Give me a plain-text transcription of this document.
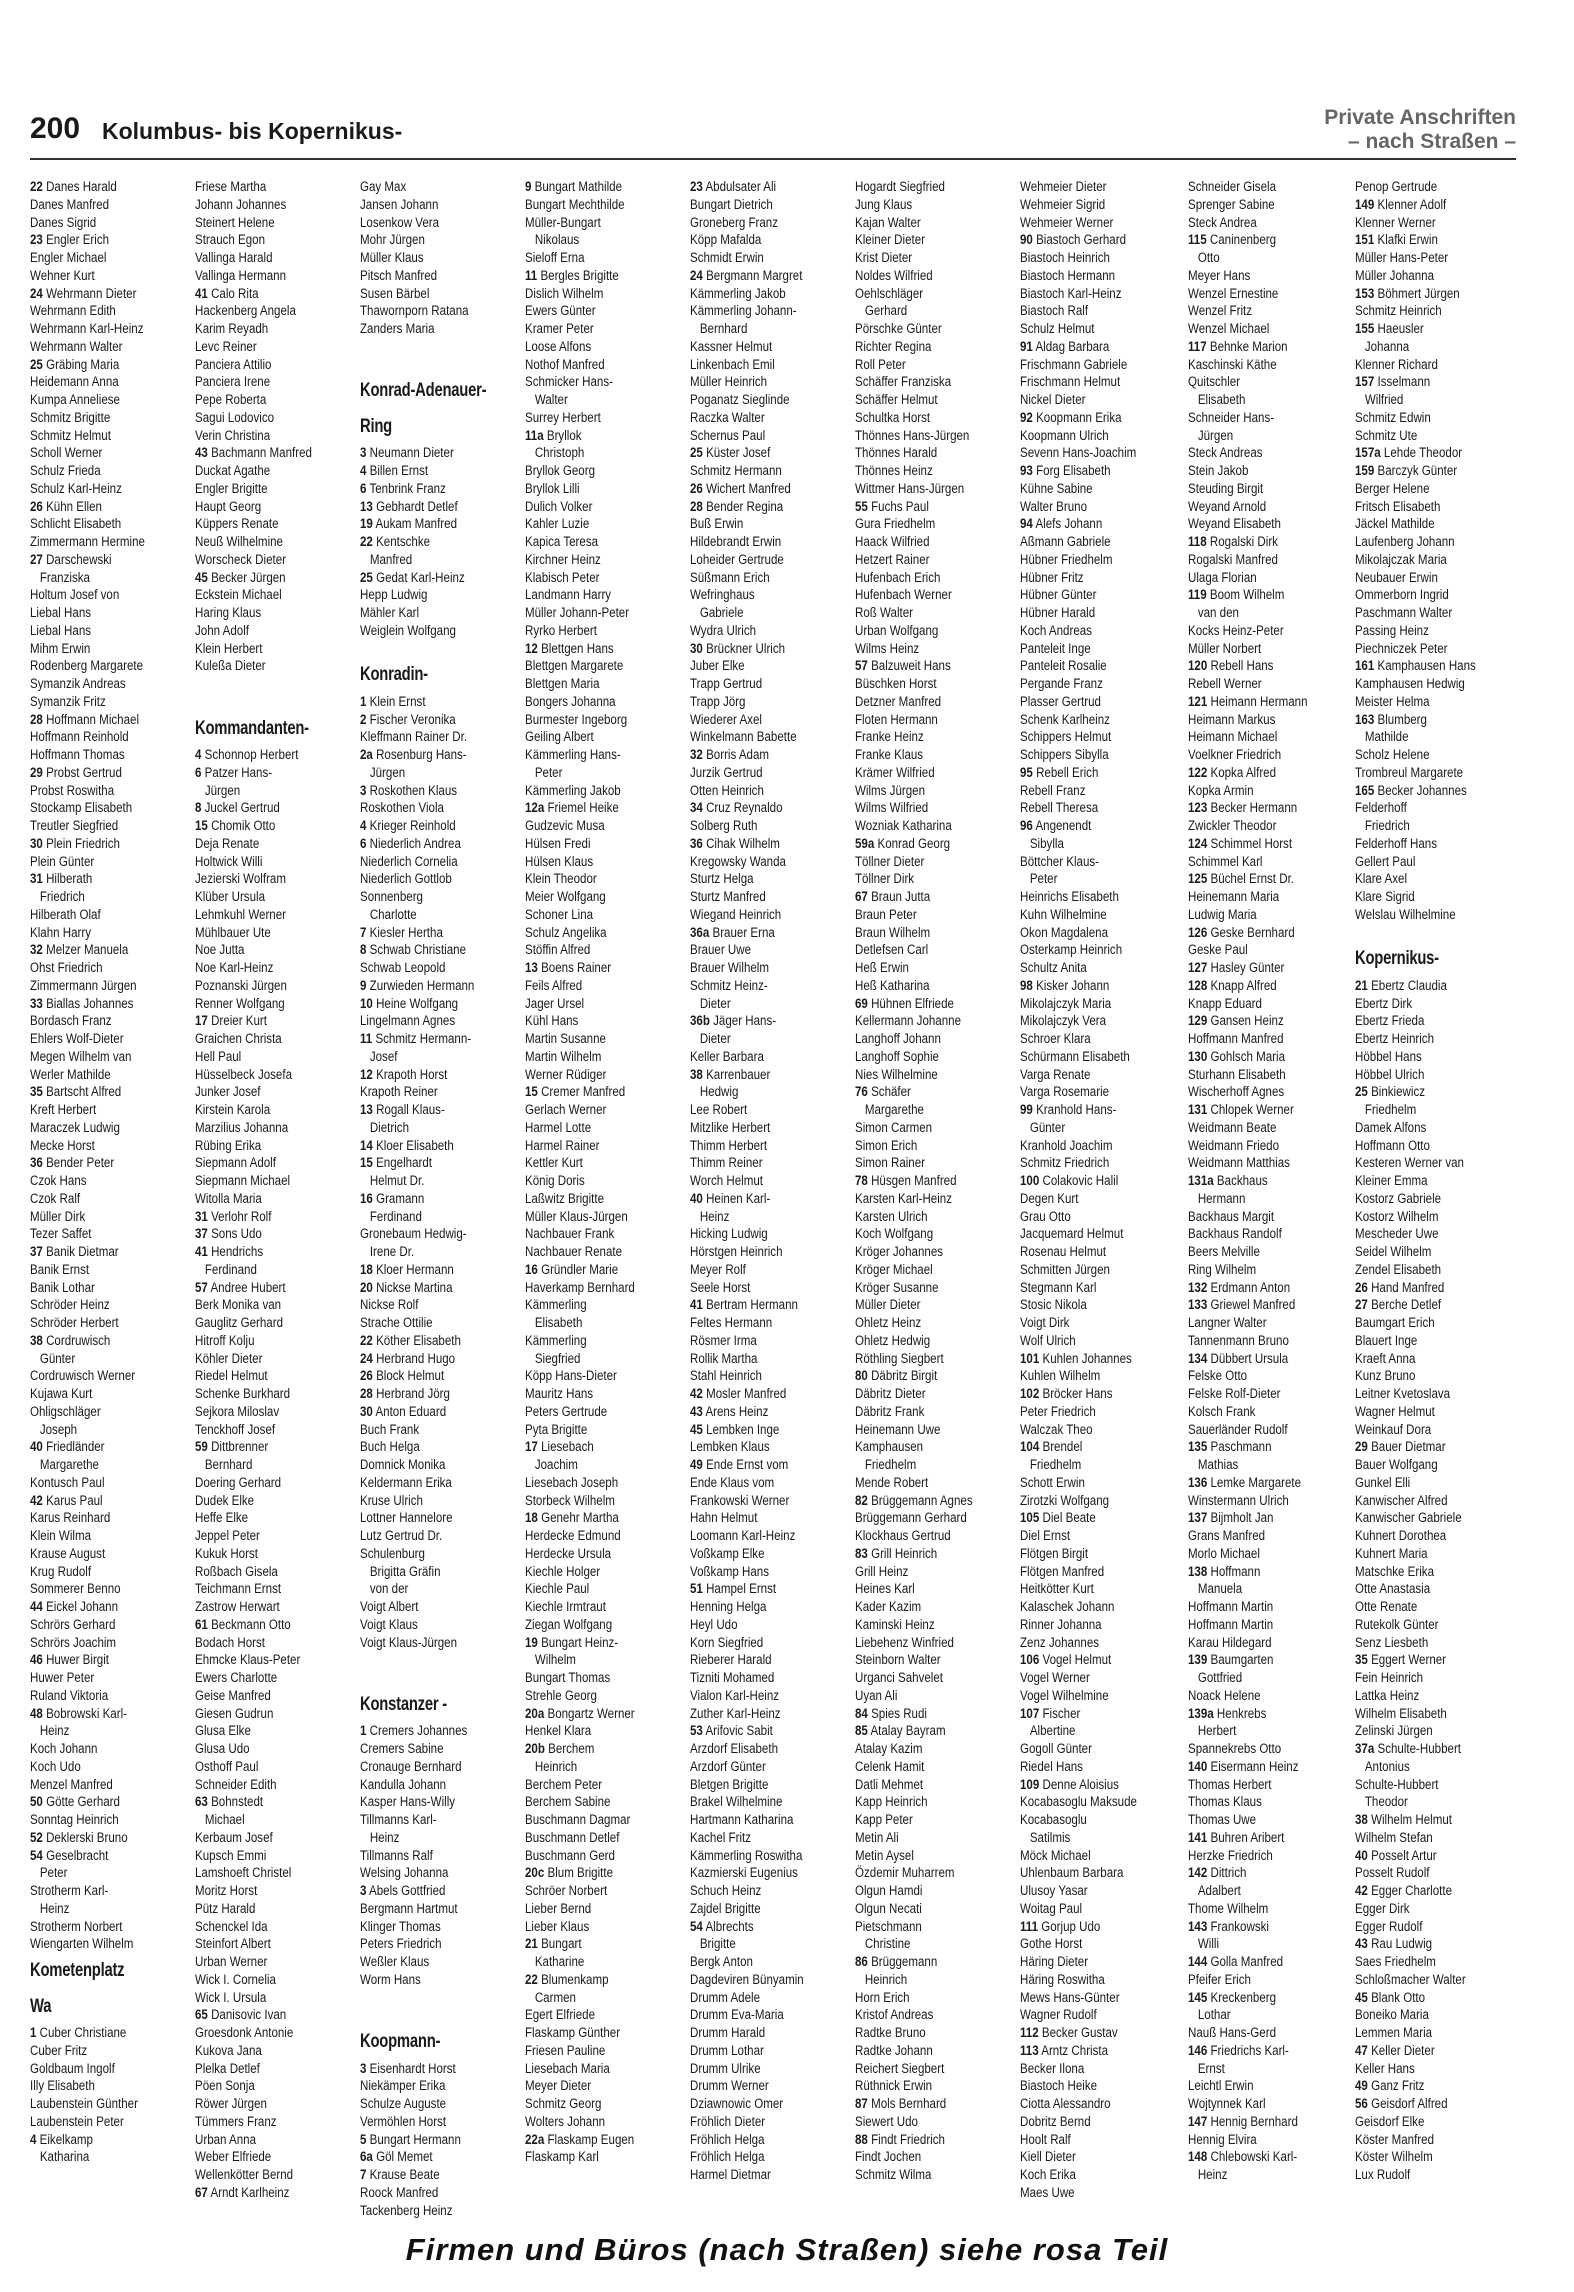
200 Kolumbus- bis Kopernikus-
Private Anschriften
– nach Straßen –
22 Danes Harald
Danes Manfred
Danes Sigrid
23 Engler Erich
Engler Michael
Wehner Kurt
24 Wehrmann Dieter
Wehrmann Edith
Wehrmann Karl-Heinz
Wehrmann Walter
25 Gräbing Maria
Heidemann Anna
Kumpa Anneliese
Schmitz Brigitte
Schmitz Helmut
Scholl Werner
Schulz Frieda
Schulz Karl-Heinz
26 Kühn Ellen
Schlicht Elisabeth
Zimmermann Hermine
27 Darschewski
Franziska
Holtum Josef von
Liebal Hans
Liebal Hans
Mihm Erwin
Rodenberg Margarete
Symanzik Andreas
Symanzik Fritz
28 Hoffmann Michael
Hoffmann Reinhold
Hoffmann Thomas
29 Probst Gertrud
Probst Roswitha
Stockamp Elisabeth
Treutler Siegfried
30 Plein Friedrich
Plein Günter
31 Hilberath
Friedrich
Hilberath Olaf
Klahn Harry
32 Melzer Manuela
Ohst Friedrich
Zimmermann Jürgen
33 Biallas Johannes
Bordasch Franz
Ehlers Wolf-Dieter
Megen Wilhelm van
Werler Mathilde
35 Bartscht Alfred
Kreft Herbert
Maraczek Ludwig
Mecke Horst
36 Bender Peter
Czok Hans
Czok Ralf
Müller Dirk
Tezer Saffet
37 Banik Dietmar
Banik Ernst
Banik Lothar
Schröder Heinz
Schröder Herbert
38 Cordruwisch
Günter
Cordruwisch Werner
Kujawa Kurt
Ohligschläger
Joseph
40 Friedländer
Margarethe
Kontusch Paul
42 Karus Paul
Karus Reinhard
Klein Wilma
Krause August
Krug Rudolf
Sommerer Benno
44 Eickel Johann
Schrörs Gerhard
Schrörs Joachim
46 Huwer Birgit
Huwer Peter
Ruland Viktoria
48 Bobrowski Karl-
Heinz
Koch Johann
Koch Udo
Menzel Manfred
50 Götte Gerhard
Sonntag Heinrich
52 Deklerski Bruno
54 Geselbracht
Peter
Strotherm Karl-
Heinz
Strotherm Norbert
Wiengarten Wilhelm
Kometenplatz
Wa
1 Cuber Christiane
Cuber Fritz
Goldbaum Ingolf
Illy Elisabeth
Laubenstein Günther
Laubenstein Peter
4 Eikelkamp
Katharina
Friese Martha
Johann Johannes
Steinert Helene
Strauch Egon
Vallinga Harald
Vallinga Hermann
41 Calo Rita
Hackenberg Angela
Karim Reyadh
Levc Reiner
Panciera Attilio
Panciera Irene
Pepe Roberta
Sagui Lodovico
Verin Christina
43 Bachmann Manfred
Duckat Agathe
Engler Brigitte
Haupt Georg
Küppers Renate
Neuß Wilhelmine
Worscheck Dieter
45 Becker Jürgen
Eckstein Michael
Haring Klaus
John Adolf
Klein Herbert
Kuleßa Dieter
Kommandanten-
4 Schonnop Herbert
6 Patzer Hans-
Jürgen
8 Juckel Gertrud
15 Chomik Otto
Deja Renate
Holtwick Willi
Jezierski Wolfram
Klüber Ursula
Lehmkuhl Werner
Mühlbauer Ute
Noe Jutta
Noe Karl-Heinz
Poznanski Jürgen
Renner Wolfgang
17 Dreier Kurt
Graichen Christa
Hell Paul
Hüsselbeck Josefa
Junker Josef
Kirstein Karola
Marzilius Johanna
Rübing Erika
Siepmann Adolf
Siepmann Michael
Witolla Maria
31 Verlohr Rolf
37 Sons Udo
41 Hendrichs
Ferdinand
57 Andree Hubert
Berk Monika van
Gauglitz Gerhard
Hitroff Kolju
Köhler Dieter
Riedel Helmut
Schenke Burkhard
Sejkora Miloslav
Tenckhoff Josef
59 Dittbrenner
Bernhard
Doering Gerhard
Dudek Elke
Heffe Elke
Jeppel Peter
Kukuk Horst
Roßbach Gisela
Teichmann Ernst
Zastrow Herwart
61 Beckmann Otto
Bodach Horst
Ehmcke Klaus-Peter
Ewers Charlotte
Geise Manfred
Giesen Gudrun
Glusa Elke
Glusa Udo
Osthoff Paul
Schneider Edith
63 Bohnstedt
Michael
Kerbaum Josef
Kupsch Emmi
Lamshoeft Christel
Moritz Horst
Pütz Harald
Schenckel Ida
Steinfort Albert
Urban Werner
Wick I. Cornelia
Wick I. Ursula
65 Danisovic Ivan
Groesdonk Antonie
Kukova Jana
Plelka Detlef
Pöen Sonja
Röwer Jürgen
Tümmers Franz
Urban Anna
Weber Elfriede
Wellenkötter Bernd
67 Arndt Karlheinz
Gay Max
Jansen Johann
Losenkow Vera
Mohr Jürgen
Müller Klaus
Pitsch Manfred
Susen Bärbel
Thawornporn Ratana
Zanders Maria
Konrad-Adenauer-
Ring
3 Neumann Dieter
4 Billen Ernst
6 Tenbrink Franz
13 Gebhardt Detlef
19 Aukam Manfred
22 Kentschke
Manfred
25 Gedat Karl-Heinz
Hepp Ludwig
Mähler Karl
Weiglein Wolfgang
Konradin-
1 Klein Ernst
2 Fischer Veronika
Kleffmann Rainer Dr.
2a Rosenburg Hans-
Jürgen
3 Roskothen Klaus
Roskothen Viola
4 Krieger Reinhold
6 Niederlich Andrea
Niederlich Cornelia
Niederlich Gottlob
Sonnenberg
Charlotte
7 Kiesler Hertha
8 Schwab Christiane
Schwab Leopold
9 Zurwieden Hermann
10 Heine Wolfgang
Lingelmann Agnes
11 Schmitz Hermann-
Josef
12 Krapoth Horst
Krapoth Reiner
13 Rogall Klaus-
Dietrich
14 Kloer Elisabeth
15 Engelhardt
Helmut Dr.
16 Gramann
Ferdinand
Gronebaum Hedwig-
Irene Dr.
18 Kloer Hermann
20 Nickse Martina
Nickse Rolf
Strache Ottilie
22 Köther Elisabeth
24 Herbrand Hugo
26 Block Helmut
28 Herbrand Jörg
30 Anton Eduard
Buch Frank
Buch Helga
Domnick Monika
Keldermann Erika
Kruse Ulrich
Lottner Hannelore
Lutz Gertrud Dr.
Schulenburg
Brigitta Gräfin
von der
Voigt Albert
Voigt Klaus
Voigt Klaus-Jürgen
Konstanzer -
1 Cremers Johannes
Cremers Sabine
Cronauge Bernhard
Kandulla Johann
Kasper Hans-Willy
Tillmanns Karl-
Heinz
Tillmanns Ralf
Welsing Johanna
3 Abels Gottfried
Bergmann Hartmut
Klinger Thomas
Peters Friedrich
Weßler Klaus
Worm Hans
Koopmann-
3 Eisenhardt Horst
Niekämper Erika
Schulze Auguste
Vermöhlen Horst
5 Bungart Hermann
6a Göl Memet
7 Krause Beate
Roock Manfred
Tackenberg Heinz
9 Bungart Mathilde
Bungart Mechthilde
Müller-Bungart
Nikolaus
Sieloff Erna
11 Bergles Brigitte
Dislich Wilhelm
Ewers Günter
Kramer Peter
Loose Alfons
Nothof Manfred
Schmicker Hans-
Walter
Surrey Herbert
11a Bryllok
Christoph
Bryllok Georg
Bryllok Lilli
Dulich Volker
Kahler Luzie
Kapica Teresa
Kirchner Heinz
Klabisch Peter
Landmann Harry
Müller Johann-Peter
Ryrko Herbert
12 Blettgen Hans
Blettgen Margarete
Blettgen Maria
Bongers Johanna
Burmester Ingeborg
Geiling Albert
Kämmerling Hans-
Peter
Kämmerling Jakob
12a Friemel Heike
Gudzevic Musa
Hülsen Fredi
Hülsen Klaus
Klein Theodor
Meier Wolfgang
Schoner Lina
Schulz Angelika
Stöffin Alfred
13 Boens Rainer
Feils Alfred
Jager Ursel
Kühl Hans
Martin Susanne
Martin Wilhelm
Werner Rüdiger
15 Cremer Manfred
Gerlach Werner
Harmel Lotte
Harmel Rainer
Kettler Kurt
König Doris
Laßwitz Brigitte
Müller Klaus-Jürgen
Nachbauer Frank
Nachbauer Renate
16 Gründler Marie
Haverkamp Bernhard
Kämmerling
Elisabeth
Kämmerling
Siegfried
Köpp Hans-Dieter
Mauritz Hans
Peters Gertrude
Pyta Brigitte
17 Liesebach
Joachim
Liesebach Joseph
Storbeck Wilhelm
18 Genehr Martha
Herdecke Edmund
Herdecke Ursula
Kiechle Holger
Kiechle Paul
Kiechle Irmtraut
Ziegan Wolfgang
19 Bungart Heinz-
Wilhelm
Bungart Thomas
Strehle Georg
20a Bongartz Werner
Henkel Klara
20b Berchem
Heinrich
Berchem Peter
Berchem Sabine
Buschmann Dagmar
Buschmann Detlef
Buschmann Gerd
20c Blum Brigitte
Schröer Norbert
Lieber Bernd
Lieber Klaus
21 Bungart
Katharine
22 Blumenkamp
Carmen
Egert Elfriede
Flaskamp Günther
Friesen Pauline
Liesebach Maria
Meyer Dieter
Schmitz Georg
Wolters Johann
22a Flaskamp Eugen
Flaskamp Karl
23 Abdulsater Ali
Bungart Dietrich
Groneberg Franz
Köpp Mafalda
Schmidt Erwin
24 Bergmann Margret
Kämmerling Jakob
Kämmerling Johann-
Bernhard
Kassner Helmut
Linkenbach Emil
Müller Heinrich
Poganatz Sieglinde
Raczka Walter
Schernus Paul
25 Küster Josef
Schmitz Hermann
26 Wichert Manfred
28 Bender Regina
Buß Erwin
Hildebrandt Erwin
Loheider Gertrude
Süßmann Erich
Wefringhaus
Gabriele
Wydra Ulrich
30 Brückner Ulrich
Juber Elke
Trapp Gertrud
Trapp Jörg
Wiederer Axel
Winkelmann Babette
32 Borris Adam
Jurzik Gertrud
Otten Heinrich
34 Cruz Reynaldo
Solberg Ruth
36 Cihak Wilhelm
Kregowsky Wanda
Sturtz Helga
Sturtz Manfred
Wiegand Heinrich
36a Brauer Erna
Brauer Uwe
Brauer Wilhelm
Schmitz Heinz-
Dieter
36b Jäger Hans-
Dieter
Keller Barbara
38 Karrenbauer
Hedwig
Lee Robert
Mitzlike Herbert
Thimm Herbert
Thimm Reiner
Worch Helmut
40 Heinen Karl-
Heinz
Hicking Ludwig
Hörstgen Heinrich
Meyer Rolf
Seele Horst
41 Bertram Hermann
Feltes Hermann
Rösmer Irma
Rollik Martha
Stahl Heinrich
42 Mosler Manfred
43 Arens Heinz
45 Lembken Inge
Lembken Klaus
49 Ende Ernst vom
Ende Klaus vom
Frankowski Werner
Hahn Helmut
Loomann Karl-Heinz
Voßkamp Elke
Voßkamp Hans
51 Hampel Ernst
Henning Helga
Heyl Udo
Korn Siegfried
Rieberer Harald
Tizniti Mohamed
Vialon Karl-Heinz
Zuther Karl-Heinz
53 Arifovic Sabit
Arzdorf Elisabeth
Arzdorf Günter
Bletgen Brigitte
Brakel Wilhelmine
Hartmann Katharina
Kachel Fritz
Kämmerling Roswitha
Kazmierski Eugenius
Schuch Heinz
Zajdel Brigitte
54 Albrechts
Brigitte
Bergk Anton
Dagdeviren Bünyamin
Drumm Adele
Drumm Eva-Maria
Drumm Harald
Drumm Lothar
Drumm Ulrike
Drumm Werner
Dziawnowic Omer
Fröhlich Dieter
Fröhlich Helga
Fröhlich Helga
Harmel Dietmar
Hogardt Siegfried
Jung Klaus
Kajan Walter
Kleiner Dieter
Krist Dieter
Noldes Wilfried
Oehlschläger
Gerhard
Pörschke Günter
Richter Regina
Roll Peter
Schäffer Franziska
Schäffer Helmut
Schultka Horst
Thönnes Hans-Jürgen
Thönnes Harald
Thönnes Heinz
Wittmer Hans-Jürgen
55 Fuchs Paul
Gura Friedhelm
Haack Wilfried
Hetzert Rainer
Hufenbach Erich
Hufenbach Werner
Roß Walter
Urban Wolfgang
Wilms Heinz
57 Balzuweit Hans
Büschken Horst
Detzner Manfred
Floten Hermann
Franke Heinz
Franke Klaus
Krämer Wilfried
Wilms Jürgen
Wilms Wilfried
Wozniak Katharina
59a Konrad Georg
Töllner Dieter
Töllner Dirk
67 Braun Jutta
Braun Peter
Braun Wilhelm
Detlefsen Carl
Heß Erwin
Heß Katharina
69 Hühnen Elfriede
Kellermann Johanne
Langhoff Johann
Langhoff Sophie
Nies Wilhelmine
76 Schäfer
Margarethe
Simon Carmen
Simon Erich
Simon Rainer
78 Hüsgen Manfred
Karsten Karl-Heinz
Karsten Ulrich
Koch Wolfgang
Kröger Johannes
Kröger Michael
Kröger Susanne
Müller Dieter
Ohletz Heinz
Ohletz Hedwig
Röthling Siegbert
80 Däbritz Birgit
Däbritz Dieter
Däbritz Frank
Heinemann Uwe
Kamphausen
Friedhelm
Mende Robert
82 Brüggemann Agnes
Brüggemann Gerhard
Klockhaus Gertrud
83 Grill Heinrich
Grill Heinz
Heines Karl
Kader Kazim
Kaminski Heinz
Liebehenz Winfried
Steinborn Walter
Urganci Sahvelet
Uyan Ali
84 Spies Rudi
85 Atalay Bayram
Atalay Kazim
Celenk Hamit
Datli Mehmet
Kapp Heinrich
Kapp Peter
Metin Ali
Metin Aysel
Özdemir Muharrem
Olgun Hamdi
Olgun Necati
Pietschmann
Christine
86 Brüggemann
Heinrich
Horn Erich
Kristof Andreas
Radtke Bruno
Radtke Johann
Reichert Siegbert
Rüthnick Erwin
87 Mols Bernhard
Siewert Udo
88 Findt Friedrich
Findt Jochen
Schmitz Wilma
Wehmeier Dieter
Wehmeier Sigrid
Wehmeier Werner
90 Biastoch Gerhard
Biastoch Heinrich
Biastoch Hermann
Biastoch Karl-Heinz
Biastoch Ralf
Schulz Helmut
91 Aldag Barbara
Frischmann Gabriele
Frischmann Helmut
Nickel Dieter
92 Koopmann Erika
Koopmann Ulrich
Sevenn Hans-Joachim
93 Forg Elisabeth
Kühne Sabine
Walter Bruno
94 Alefs Johann
Aßmann Gabriele
Hübner Friedhelm
Hübner Fritz
Hübner Günter
Hübner Harald
Koch Andreas
Panteleit Inge
Panteleit Rosalie
Pergande Franz
Plasser Gertrud
Schenk Karlheinz
Schippers Helmut
Schippers Sibylla
95 Rebell Erich
Rebell Franz
Rebell Theresa
96 Angenendt
Sibylla
Böttcher Klaus-
Peter
Heinrichs Elisabeth
Kuhn Wilhelmine
Okon Magdalena
Osterkamp Heinrich
Schultz Anita
98 Kisker Johann
Mikolajczyk Maria
Mikolajczyk Vera
Schroer Klara
Schürmann Elisabeth
Varga Renate
Varga Rosemarie
99 Kranhold Hans-
Günter
Kranhold Joachim
Schmitz Friedrich
100 Colakovic Halil
Degen Kurt
Grau Otto
Jacquemard Helmut
Rosenau Helmut
Schmitten Jürgen
Stegmann Karl
Stosic Nikola
Voigt Dirk
Wolf Ulrich
101 Kuhlen Johannes
Kuhlen Wilhelm
102 Bröcker Hans
Peter Friedrich
Walczak Theo
104 Brendel
Friedhelm
Schott Erwin
Zirotzki Wolfgang
105 Diel Beate
Diel Ernst
Flötgen Birgit
Flötgen Manfred
Heitkötter Kurt
Kalaschek Johann
Rinner Johanna
Zenz Johannes
106 Vogel Helmut
Vogel Werner
Vogel Wilhelmine
107 Fischer
Albertine
Gogoll Günter
Riedel Hans
109 Denne Aloisius
Kocabasoglu Maksude
Kocabasoglu
Satilmis
Möck Michael
Uhlenbaum Barbara
Ulusoy Yasar
Woitag Paul
111 Gorjup Udo
Gothe Horst
Häring Dieter
Häring Roswitha
Mews Hans-Günter
Wagner Rudolf
112 Becker Gustav
113 Arntz Christa
Becker Ilona
Biastoch Heike
Ciotta Alessandro
Dobritz Bernd
Hoolt Ralf
Kiell Dieter
Koch Erika
Maes Uwe
Schneider Gisela
Sprenger Sabine
Steck Andrea
115 Caninenberg
Otto
Meyer Hans
Wenzel Ernestine
Wenzel Fritz
Wenzel Michael
117 Behnke Marion
Kaschinski Käthe
Quitschler
Elisabeth
Schneider Hans-
Jürgen
Steck Andreas
Stein Jakob
Steuding Birgit
Weyand Arnold
Weyand Elisabeth
118 Rogalski Dirk
Rogalski Manfred
Ulaga Florian
119 Boom Wilhelm
van den
Kocks Heinz-Peter
Müller Norbert
120 Rebell Hans
Rebell Werner
121 Heimann Hermann
Heimann Markus
Heimann Michael
Voelkner Friedrich
122 Kopka Alfred
Kopka Armin
123 Becker Hermann
Zwickler Theodor
124 Schimmel Horst
Schimmel Karl
125 Büchel Ernst Dr.
Heinemann Maria
Ludwig Maria
126 Geske Bernhard
Geske Paul
127 Hasley Günter
128 Knapp Alfred
Knapp Eduard
129 Gansen Heinz
Hoffmann Manfred
130 Gohlsch Maria
Sturhann Elisabeth
Wischerhoff Agnes
131 Chlopek Werner
Weidmann Beate
Weidmann Friedo
Weidmann Matthias
131a Backhaus
Hermann
Backhaus Margit
Backhaus Randolf
Beers Melville
Ring Wilhelm
132 Erdmann Anton
133 Griewel Manfred
Langner Walter
Tannenmann Bruno
134 Dübbert Ursula
Felske Otto
Felske Rolf-Dieter
Kolsch Frank
Sauerländer Rudolf
135 Paschmann
Mathias
136 Lemke Margarete
Winstermann Ulrich
137 Bijmholt Jan
Grans Manfred
Morlo Michael
138 Hoffmann
Manuela
Hoffmann Martin
Hoffmann Martin
Karau Hildegard
139 Baumgarten
Gottfried
Noack Helene
139a Henkrebs
Herbert
Spannekrebs Otto
140 Eisermann Heinz
Thomas Herbert
Thomas Klaus
Thomas Uwe
141 Buhren Aribert
Herzke Friedrich
142 Dittrich
Adalbert
Thome Wilhelm
143 Frankowski
Willi
144 Golla Manfred
Pfeifer Erich
145 Kreckenberg
Lothar
Nauß Hans-Gerd
146 Friedrichs Karl-
Ernst
Leichtl Erwin
Wojtynnek Karl
147 Hennig Bernhard
Hennig Elvira
148 Chlebowski Karl-
Heinz
Penop Gertrude
149 Klenner Adolf
Klenner Werner
151 Klafki Erwin
Müller Hans-Peter
Müller Johanna
153 Böhmert Jürgen
Schmitz Heinrich
155 Haeusler
Johanna
Klenner Richard
157 Isselmann
Wilfried
Schmitz Edwin
Schmitz Ute
157a Lehde Theodor
159 Barczyk Günter
Berger Helene
Fritsch Elisabeth
Jäckel Mathilde
Laufenberg Johann
Mikolajczak Maria
Neubauer Erwin
Ommerborn Ingrid
Paschmann Walter
Passing Heinz
Piechniczek Peter
161 Kamphausen Hans
Kamphausen Hedwig
Meister Helma
163 Blumberg
Mathilde
Scholz Helene
Trombreul Margarete
165 Becker Johannes
Felderhoff
Friedrich
Felderhoff Hans
Gellert Paul
Klare Axel
Klare Sigrid
Welslau Wilhelmine
Kopernikus-
21 Ebertz Claudia
Ebertz Dirk
Ebertz Frieda
Ebertz Heinrich
Höbbel Hans
Höbbel Ulrich
25 Binkiewicz
Friedhelm
Damek Alfons
Hoffmann Otto
Kesteren Werner van
Kleiner Emma
Kostorz Gabriele
Kostorz Wilhelm
Mescheder Uwe
Seidel Wilhelm
Zendel Elisabeth
26 Hand Manfred
27 Berche Detlef
Baumgart Erich
Blauert Inge
Kraeft Anna
Kunz Bruno
Leitner Kvetoslava
Wagner Helmut
Weinkauf Dora
29 Bauer Dietmar
Bauer Wolfgang
Gunkel Elli
Kanwischer Alfred
Kanwischer Gabriele
Kuhnert Dorothea
Kuhnert Maria
Matschke Erika
Otte Anastasia
Otte Renate
Rutekolk Günter
Senz Liesbeth
35 Eggert Werner
Fein Heinrich
Lattka Heinz
Wilhelm Elisabeth
Zelinski Jürgen
37a Schulte-Hubbert
Antonius
Schulte-Hubbert
Theodor
38 Wilhelm Helmut
Wilhelm Stefan
40 Posselt Artur
Posselt Rudolf
42 Egger Charlotte
Egger Dirk
Egger Rudolf
43 Rau Ludwig
Saes Friedhelm
Schloßmacher Walter
45 Blank Otto
Boneiko Maria
Lemmen Maria
47 Keller Dieter
Keller Hans
49 Ganz Fritz
56 Geisdorf Alfred
Geisdorf Elke
Köster Manfred
Köster Wilhelm
Lux Rudolf
Firmen und Büros (nach Straßen) siehe rosa Teil
